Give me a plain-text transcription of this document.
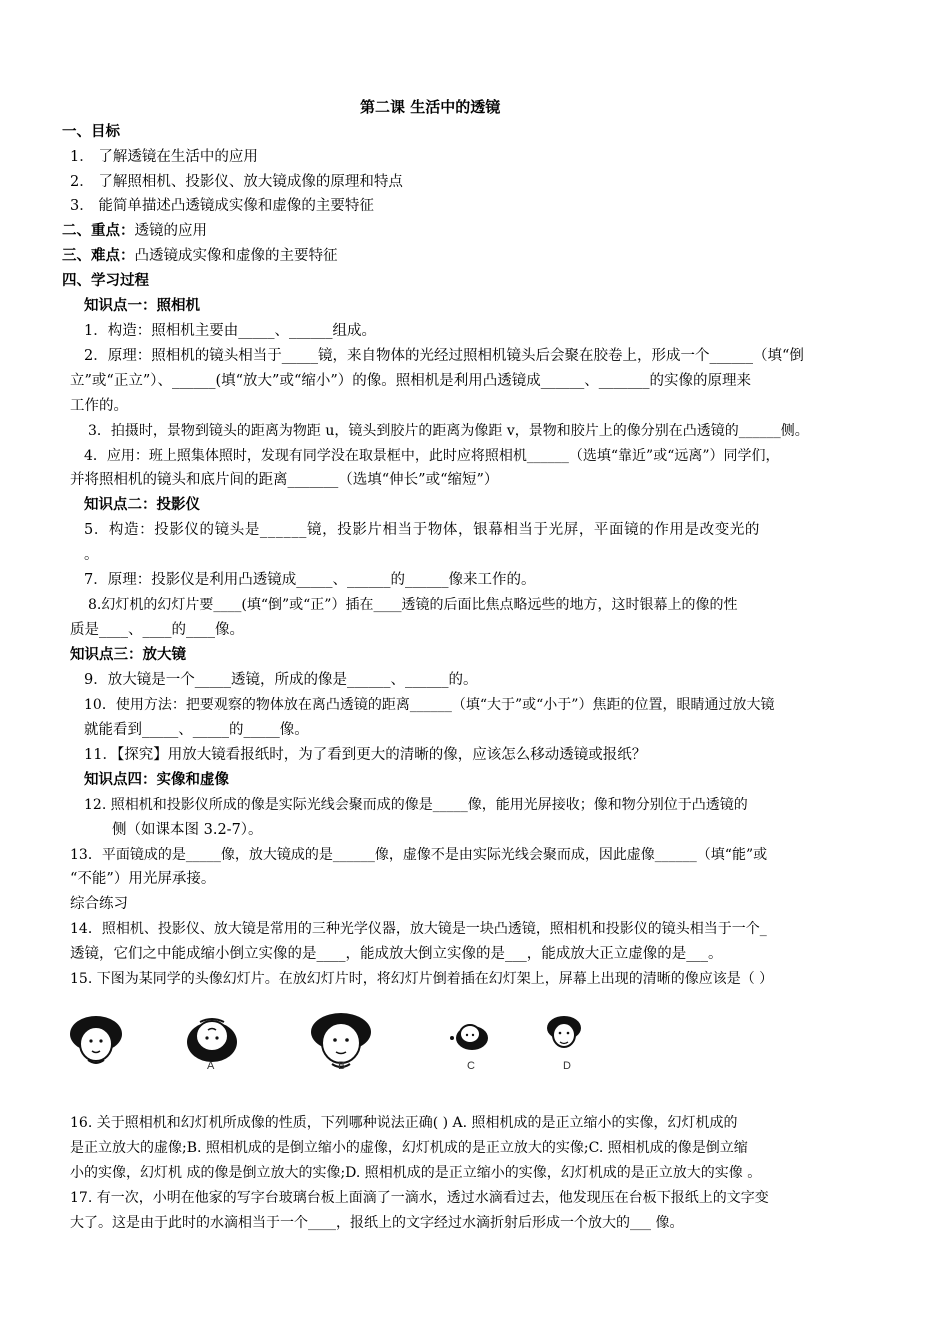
第二课 生活中的透镜
一、目标
1． 了解透镜在生活中的应用
2． 了解照相机、投影仪、放大镜成像的原理和特点
3． 能简单描述凸透镜成实像和虚像的主要特征
二、重点：透镜的应用
三、难点：凸透镜成实像和虚像的主要特征
四、学习过程
知识点一：照相机
1．构造：照相机主要由_____、______组成。
2．原理：照相机的镜头相当于_____镜，来自物体的光经过照相机镜头后会聚在胶卷上，形成一个______（填“倒
立”或“正立”）、______(填“放大”或“缩小”）的像。照相机是利用凸透镜成______、_______的实像的原理来
工作的。
3．拍摄时，景物到镜头的距离为物距 u，镜头到胶片的距离为像距 v，景物和胶片上的像分别在凸透镜的______侧。
4．应用：班上照集体照时，发现有同学没在取景框中，此时应将照相机______（选填“靠近”或“远离”）同学们，
并将照相机的镜头和底片间的距离_______（选填“伸长”或“缩短”）
知识点二：投影仪
5．构造：投影仪的镜头是______镜，投影片相当于物体，银幕相当于光屏，平面镜的作用是改变光的
。
7．原理：投影仪是利用凸透镜成_____、______的______像来工作的。
8.幻灯机的幻灯片要____(填“倒”或“正”）插在____透镜的后面比焦点略远些的地方，这时银幕上的像的性
质是____、____的____像。
知识点三：放大镜
9．放大镜是一个_____透镜，所成的像是______、______的。
10．使用方法：把要观察的物体放在离凸透镜的距离______（填“大于”或“小于”）焦距的位置，眼睛通过放大镜
就能看到_____、_____的_____像。
11．【探究】用放大镜看报纸时，为了看到更大的清晰的像，应该怎么移动透镜或报纸？
知识点四：实像和虚像
12. 照相机和投影仪所成的像是实际光线会聚而成的像是_____像，能用光屏接收；像和物分别位于凸透镜的
侧（如课本图 3.2-7）。
13．平面镜成的是_____像，放大镜成的是______像，虚像不是由实际光线会聚而成，因此虚像______（填“能”或
“不能”）用光屏承接。
综合练习
14．照相机、投影仪、放大镜是常用的三种光学仪器，放大镜是一块凸透镜，照相机和投影仪的镜头相当于一个_
透镜，它们之中能成缩小倒立实像的是____，能成放大倒立实像的是___，能成放大正立虚像的是___。
15. 下图为某同学的头像幻灯片。在放幻灯片时，将幻灯片倒着插在幻灯架上，屏幕上出现的清晰的像应该是（ ）
A	B	C	D
16. 关于照相机和幻灯机所成像的性质，下列哪种说法正确( ) A. 照相机成的是正立缩小的实像，幻灯机成的
是正立放大的虚像;B. 照相机成的是倒立缩小的虚像，幻灯机成的是正立放大的实像;C. 照相机成的像是倒立缩
小的实像，幻灯机 成的像是倒立放大的实像;D. 照相机成的是正立缩小的实像，幻灯机成的是正立放大的实像 。
17. 有一次，小明在他家的写字台玻璃台板上面滴了一滴水，透过水滴看过去，他发现压在台板下报纸上的文字变
大了。这是由于此时的水滴相当于一个____，报纸上的文字经过水滴折射后形成一个放大的___ 像。
